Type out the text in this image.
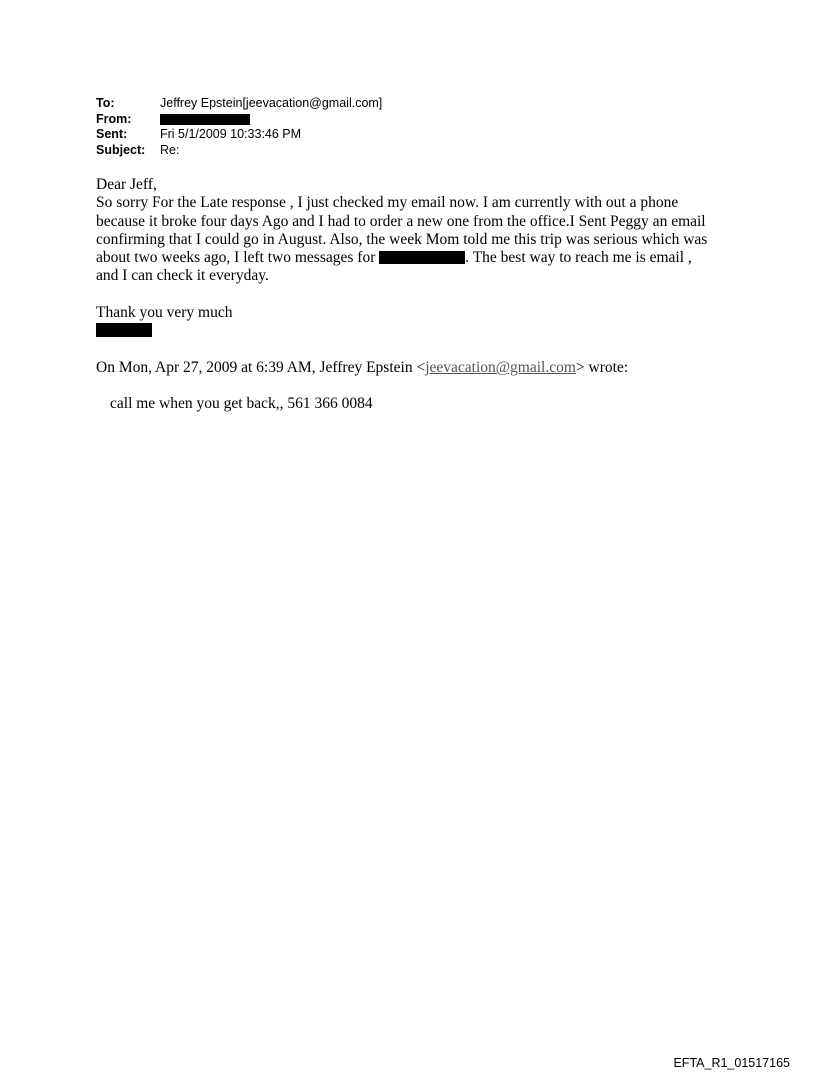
To:	Jeffrey Epstein[jeevacation@gmail.com]
From:
Sent:	Fri 5/1/2009 10:33:46 PM
Subject:	Re:

Dear Jeff,

So sorry For the Late response , I just checked my email now. I am currently with out a phone because it broke four days Ago and I had to order a new one from the office.I Sent Peggy an email confirming that I could go in August. Also, the week Mom told me this trip was serious which was about two weeks ago, I left two messages for	. The best way to reach me is email , and I can check it everyday.

Thank you very much

On Mon, Apr 27, 2009 at 6:39 AM, Jeffrey Epstein <jeevacation@gmail.com> wrote:

call me when you get back,, 561 366 0084

EFTA_R1_01517165
